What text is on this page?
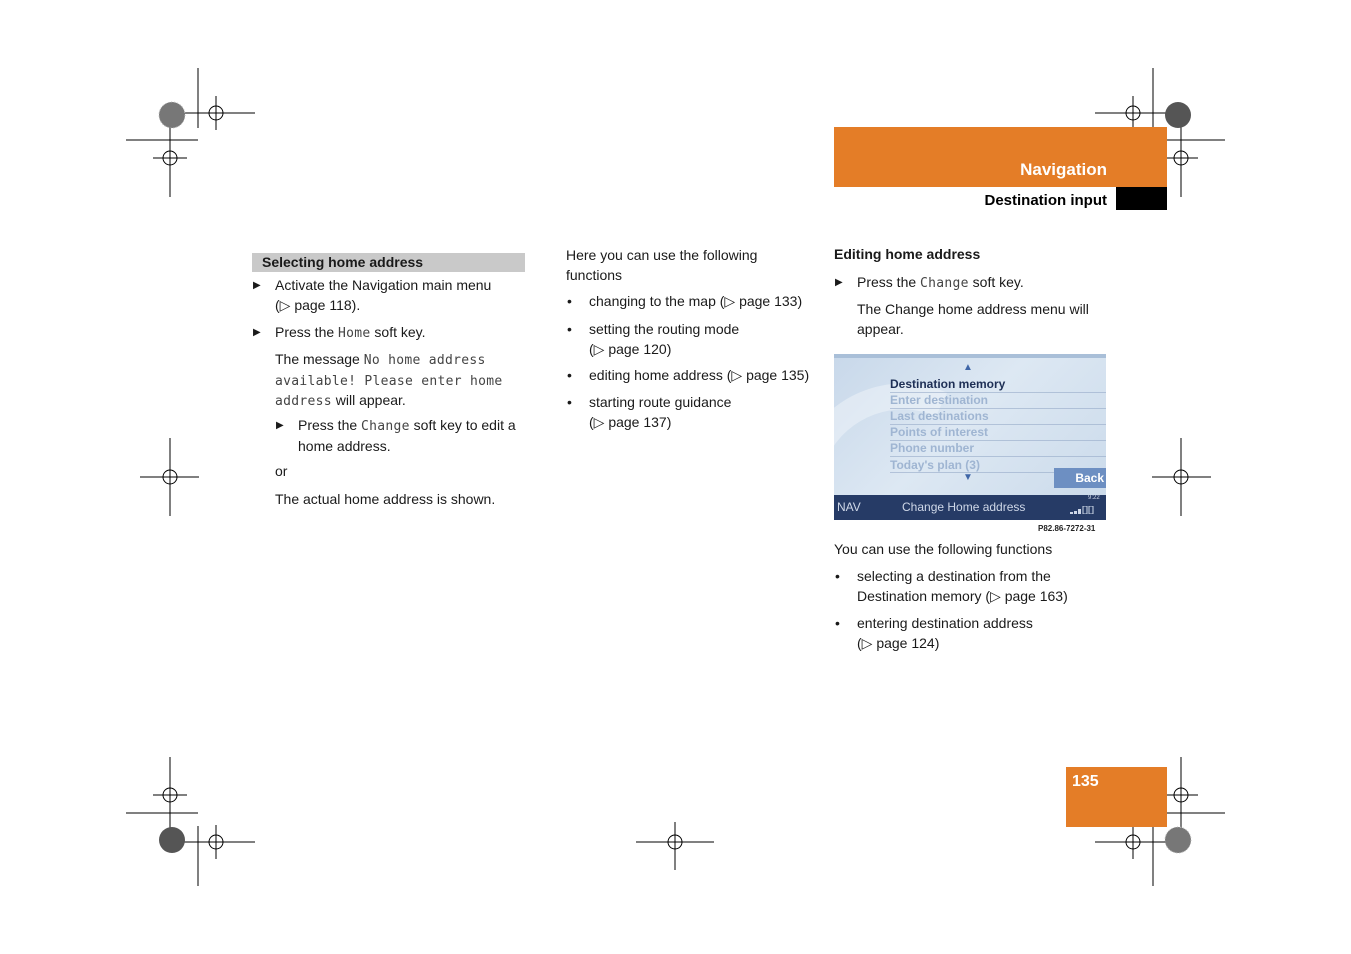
Navigation
Destination input
Selecting home address
▶ Activate the Navigation main menu
(▷ page 118).
▶ Press the Home soft key.
The message No home address
available! Please enter home
address will appear.
▶ Press the Change soft key to edit a
home address.
or
The actual home address is shown.
Here you can use the following
functions
• changing to the map (▷ page 133)
• setting the routing mode
(▷ page 120)
• editing home address (▷ page 135)
• starting route guidance
(▷ page 137)
Editing home address
▶ Press the Change soft key.
The Change home address menu will
appear.
▲
Destination memory
Enter destination
Last destinations
Points of interest
Phone number
Today's plan (3)
▼	Back
NAV	Change Home address
9:22
P82.86-7272-31
You can use the following functions
• selecting a destination from the
Destination memory (▷ page 163)
• entering destination address
(▷ page 124)
135
